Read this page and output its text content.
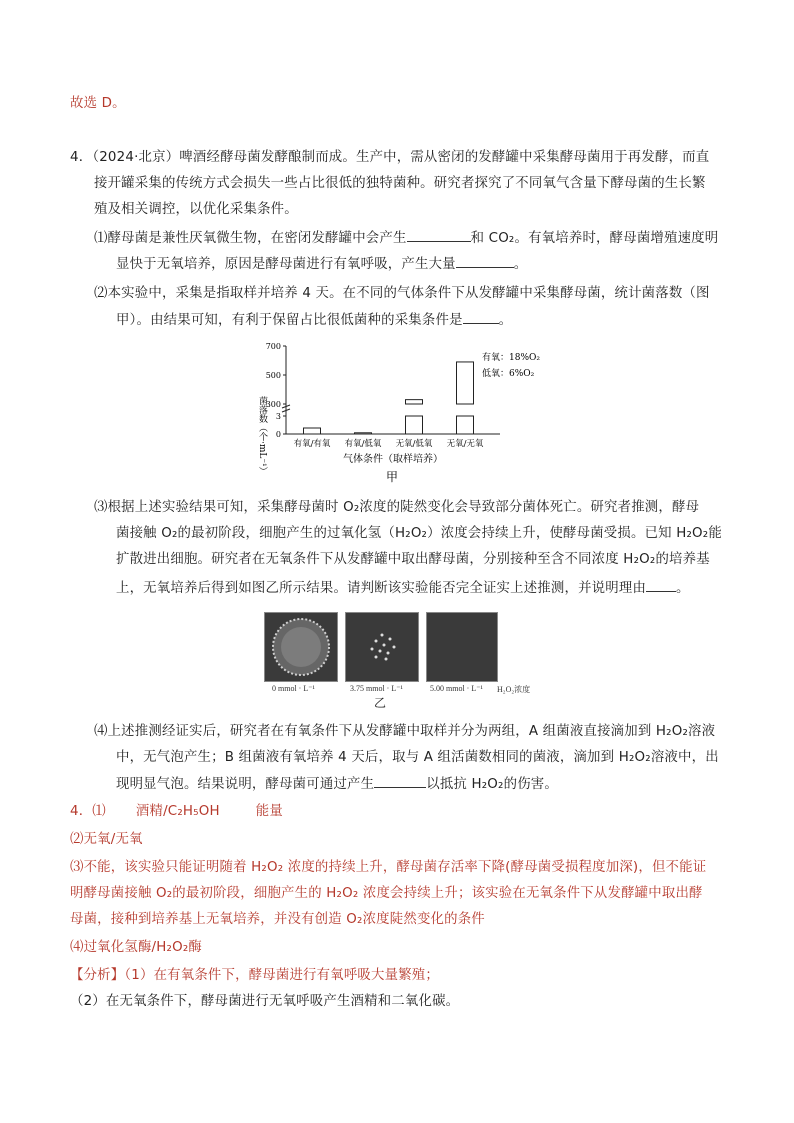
故选 D。
4．（2024·北京）啤酒经酵母菌发酵酿制而成。生产中，需从密闭的发酵罐中采集酵母菌用于再发酵，而直
接开罐采集的传统方式会损失一些占比很低的独特菌种。研究者探究了不同氧气含量下酵母菌的生长繁
殖及相关调控，以优化采集条件。
⑴酵母菌是兼性厌氧微生物，在密闭发酵罐中会产生	和 CO₂。有氧培养时，酵母菌增殖速度明
显快于无氧培养，原因是酵母菌进行有氧呼吸，产生大量	。
⑵本实验中，采集是指取样并培养 4 天。在不同的气体条件下从发酵罐中采集酵母菌，统计菌落数（图
甲）。由结果可知，有利于保留占比很低菌种的采集条件是	。
菌落数（个·mL⁻¹） 0
3
300
500
700
有氧/有氧 有氧/低氧 无氧/低氧 无氧/无氧
有氧：18%O₂
低氧：6%O₂
气体条件（取样培养）
甲
⑶根据上述实验结果可知，采集酵母菌时 O₂浓度的陡然变化会导致部分菌体死亡。研究者推测，酵母
菌接触 O₂的最初阶段，细胞产生的过氧化氢（H₂O₂）浓度会持续上升，使酵母菌受损。已知 H₂O₂能
扩散进出细胞。研究者在无氧条件下从发酵罐中取出酵母菌，分别接种至含不同浓度 H₂O₂的培养基
上，无氧培养后得到如图乙所示结果。请判断该实验能否完全证实上述推测，并说明理由 。
0 mmol · L⁻¹	3.75 mmol · L⁻¹	5.00 mmol · L⁻¹ H₂O₂浓度
乙
⑷上述推测经证实后，研究者在有氧条件下从发酵罐中取样并分为两组，A 组菌液直接滴加到 H₂O₂溶液
中，无气泡产生；B 组菌液有氧培养 4 天后，取与 A 组活菌数相同的菌液，滴加到 H₂O₂溶液中，出
现明显气泡。结果说明，酵母菌可通过产生	以抵抗 H₂O₂的伤害。
4．⑴ 酒精/C₂H₅OH	能量
⑵无氧/无氧
⑶不能，该实验只能证明随着 H₂O₂ 浓度的持续上升，酵母菌存活率下降(酵母菌受损程度加深)，但不能证
明酵母菌接触 O₂的最初阶段，细胞产生的 H₂O₂ 浓度会持续上升；该实验在无氧条件下从发酵罐中取出酵
母菌，接种到培养基上无氧培养，并没有创造 O₂浓度陡然变化的条件
⑷过氧化氢酶/H₂O₂酶
【分析】（1）在有氧条件下，酵母菌进行有氧呼吸大量繁殖；
（2）在无氧条件下，酵母菌进行无氧呼吸产生酒精和二氧化碳。
